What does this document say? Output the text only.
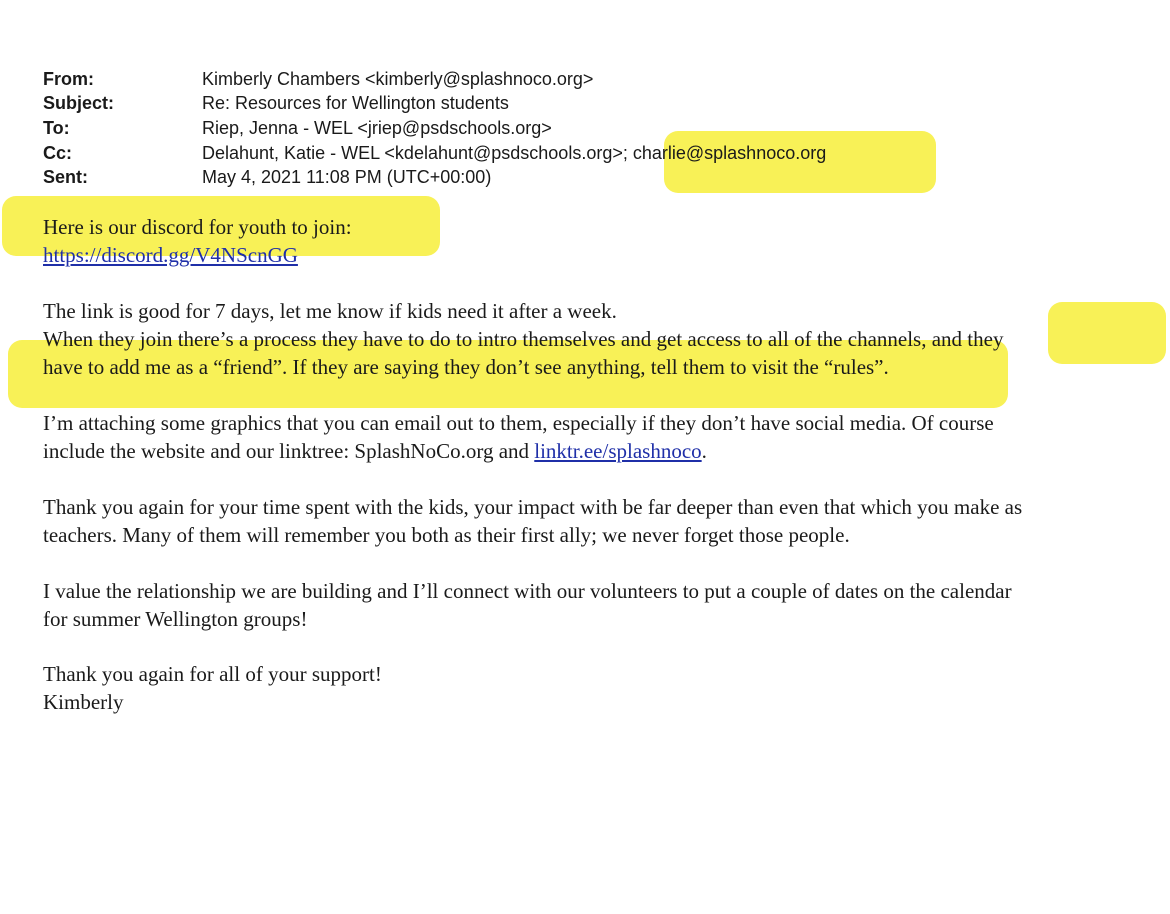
From:	Kimberly Chambers <kimberly@splashnoco.org>
Subject:	Re: Resources for Wellington students
To:	Riep, Jenna - WEL <jriep@psdschools.org>
Cc:	Delahunt, Katie - WEL <kdelahunt@psdschools.org>; charlie@splashnoco.org
Sent:	May 4, 2021 11:08 PM (UTC+00:00)
Here is our discord for youth to join:
https://discord.gg/V4NScnGG
The link is good for 7 days, let me know if kids need it after a week.
When they join there’s a process they have to do to intro themselves and get access to all of the channels, and they
have to add me as a “friend”. If they are saying they don’t see anything, tell them to visit the “rules”.
I’m attaching some graphics that you can email out to them, especially if they don’t have social media. Of course
include the website and our linktree: SplashNoCo.org and linktr.ee/splashnoco.
Thank you again for your time spent with the kids, your impact with be far deeper than even that which you make as
teachers. Many of them will remember you both as their first ally; we never forget those people.
I value the relationship we are building and I’ll connect with our volunteers to put a couple of dates on the calendar
for summer Wellington groups!
Thank you again for all of your support!
Kimberly
